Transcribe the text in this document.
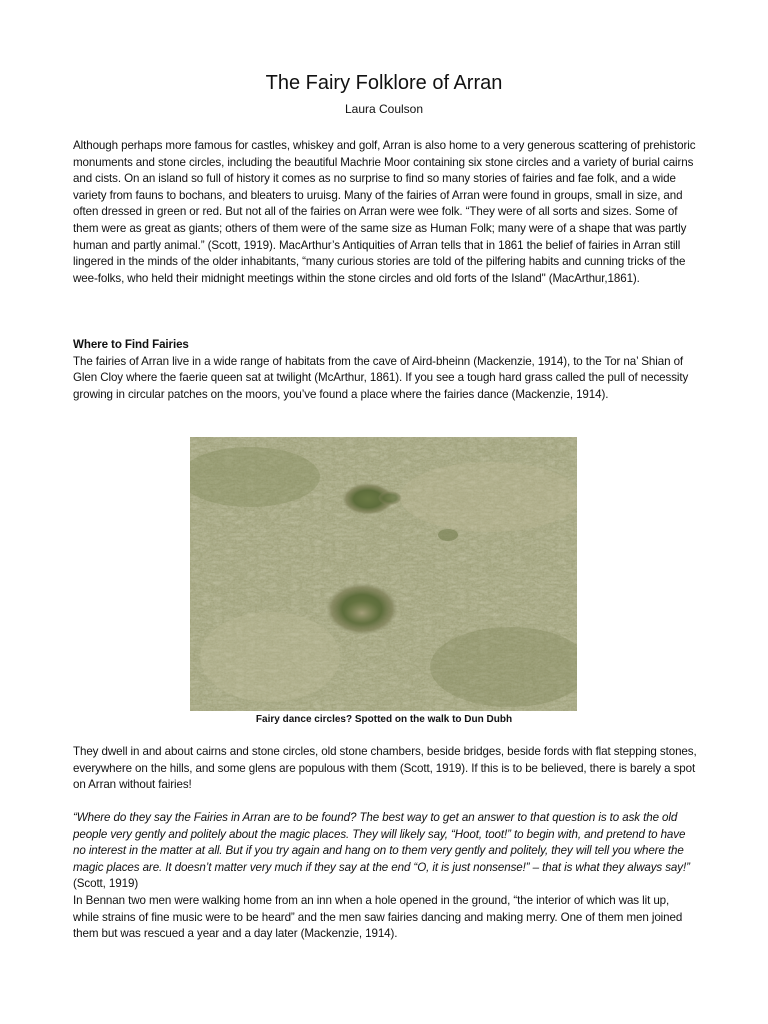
The Fairy Folklore of Arran
Laura Coulson
Although perhaps more famous for castles, whiskey and golf, Arran is also home to a very generous scattering of prehistoric monuments and stone circles, including the beautiful Machrie Moor containing six stone circles and a variety of burial cairns and cists. On an island so full of history it comes as no surprise to find so many stories of fairies and fae folk, and a wide variety from fauns to bochans, and bleaters to uruisg. Many of the fairies of Arran were found in groups, small in size, and often dressed in green or red. But not all of the fairies on Arran were wee folk. “They were of all sorts and sizes. Some of them were as great as giants; others of them were of the same size as Human Folk; many were of a shape that was partly human and partly animal.” (Scott, 1919). MacArthur’s Antiquities of Arran tells that in 1861 the belief of fairies in Arran still lingered in the minds of the older inhabitants, “many curious stories are told of the pilfering habits and cunning tricks of the wee-folks, who held their midnight meetings within the stone circles and old forts of the Island" (MacArthur,1861).
Where to Find Fairies
The fairies of Arran live in a wide range of habitats from the cave of Aird-bheinn (Mackenzie, 1914), to the Tor na’ Shian of Glen Cloy where the faerie queen sat at twilight (McArthur, 1861). If you see a tough hard grass called the pull of necessity growing in circular patches on the moors, you’ve found a place where the fairies dance (Mackenzie, 1914).
Fairy dance circles? Spotted on the walk to Dun Dubh
They dwell in and about cairns and stone circles, old stone chambers, beside bridges, beside fords with flat stepping stones, everywhere on the hills, and some glens are populous with them (Scott, 1919). If this is to be believed, there is barely a spot on Arran without fairies!
“Where do they say the Fairies in Arran are to be found? The best way to get an answer to that question is to ask the old people very gently and politely about the magic places. They will likely say, “Hoot, toot!” to begin with, and pretend to have no interest in the matter at all. But if you try again and hang on to them very gently and politely, they will tell you where the magic places are. It doesn’t matter very much if they say at the end “O, it is just nonsense!” – that is what they always say!” (Scott, 1919)
In Bennan two men were walking home from an inn when a hole opened in the ground, “the interior of which was lit up, while strains of fine music were to be heard” and the men saw fairies dancing and making merry. One of them men joined them but was rescued a year and a day later (Mackenzie, 1914).
